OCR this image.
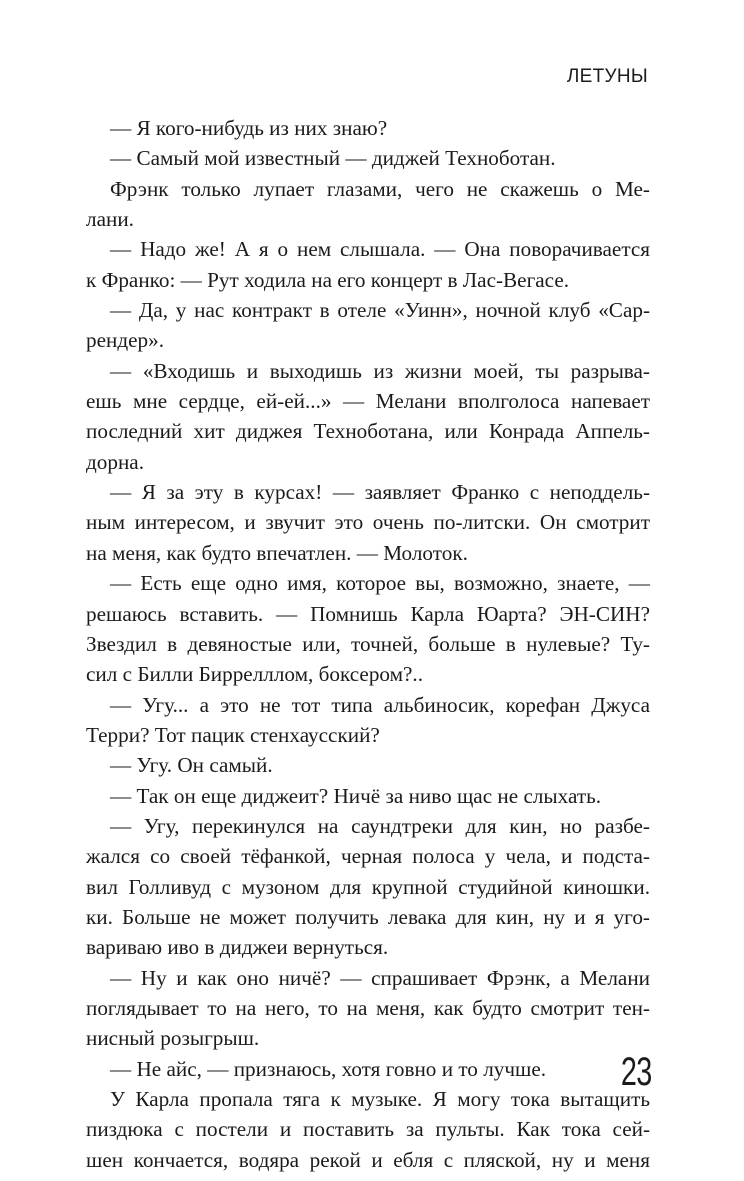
ЛЕТУНЫ
— Я кого-нибудь из них знаю?
— Самый мой известный — диджей Техноботан.
Фрэнк только лупает глазами, чего не скажешь о Ме-
лани.
— Надо же! А я о нем слышала. — Она поворачивается
к Франко: — Рут ходила на его концерт в Лас-Вегасе.
— Да, у нас контракт в отеле «Уинн», ночной клуб «Сар-
рендер».
— «Входишь и выходишь из жизни моей, ты разрыва-
ешь мне сердце, ей-ей...» — Мелани вполголоса напевает
последний хит диджея Техноботана, или Конрада Аппель-
дорна.
— Я за эту в курсах! — заявляет Франко с неподдель-
ным интересом, и звучит это очень по-литски. Он смотрит
на меня, как будто впечатлен. — Молоток.
— Есть еще одно имя, которое вы, возможно, знаете, —
решаюсь вставить. — Помнишь Карла Юарта? ЭН-СИН?
Звездил в девяностые или, точней, больше в нулевые? Ту-
сил с Билли Биррелллом, боксером?..
— Угу... а это не тот типа альбиносик, корефан Джуса
Терри? Тот пацик стенхаусский?
— Угу. Он самый.
— Так он еще диджеит? Ничё за ниво щас не слыхать.
— Угу, перекинулся на саундтреки для кин, но разбе-
жался со своей тёфанкой, черная полоса у чела, и подста-
вил Голливуд с музоном для крупной студийной киношки.
ки. Больше не может получить левака для кин, ну и я уго-
вариваю иво в диджеи вернуться.
— Ну и как оно ничё? — спрашивает Фрэнк, а Мелани
поглядывает то на него, то на меня, как будто смотрит тен-
нисный розыгрыш.
— Не айс, — признаюсь, хотя говно и то лучше.
У Карла пропала тяга к музыке. Я могу тока вытащить
пиздюка с постели и поставить за пульты. Как тока сей-
шен кончается, водяра рекой и ебля с пляской, ну и меня
23
